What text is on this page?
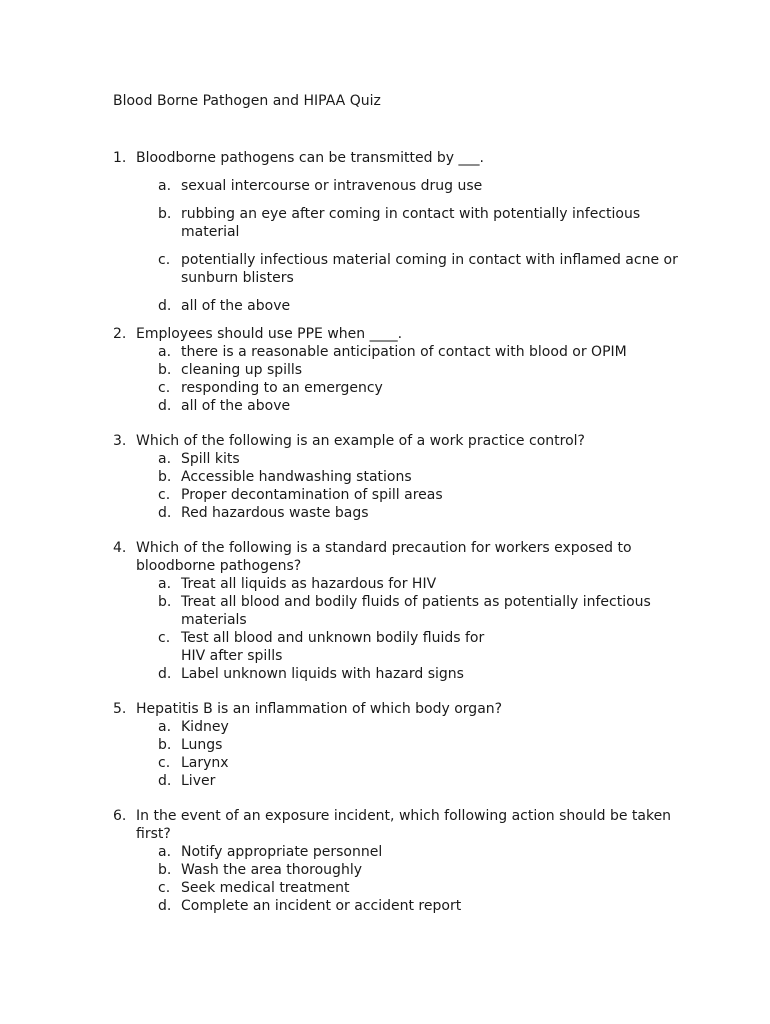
Blood Borne Pathogen and HIPAA Quiz
1. Bloodborne pathogens can be transmitted by ___.
a. sexual intercourse or intravenous drug use
b. rubbing an eye after coming in contact with potentially infectious material
c. potentially infectious material coming in contact with inflamed acne or sunburn blisters
d. all of the above
2. Employees should use PPE when ____.
a. there is a reasonable anticipation of contact with blood or OPIM
b. cleaning up spills
c. responding to an emergency
d. all of the above
3. Which of the following is an example of a work practice control?
a. Spill kits
b. Accessible handwashing stations
c. Proper decontamination of spill areas
d. Red hazardous waste bags
4. Which of the following is a standard precaution for workers exposed to bloodborne pathogens?
a. Treat all liquids as hazardous for HIV
b. Treat all blood and bodily fluids of patients as potentially infectious materials
c. Test all blood and unknown bodily fluids for HIV after spills
d. Label unknown liquids with hazard signs
5. Hepatitis B is an inflammation of which body organ?
a. Kidney
b. Lungs
c. Larynx
d. Liver
6. In the event of an exposure incident, which following action should be taken first?
a. Notify appropriate personnel
b. Wash the area thoroughly
c. Seek medical treatment
d. Complete an incident or accident report
